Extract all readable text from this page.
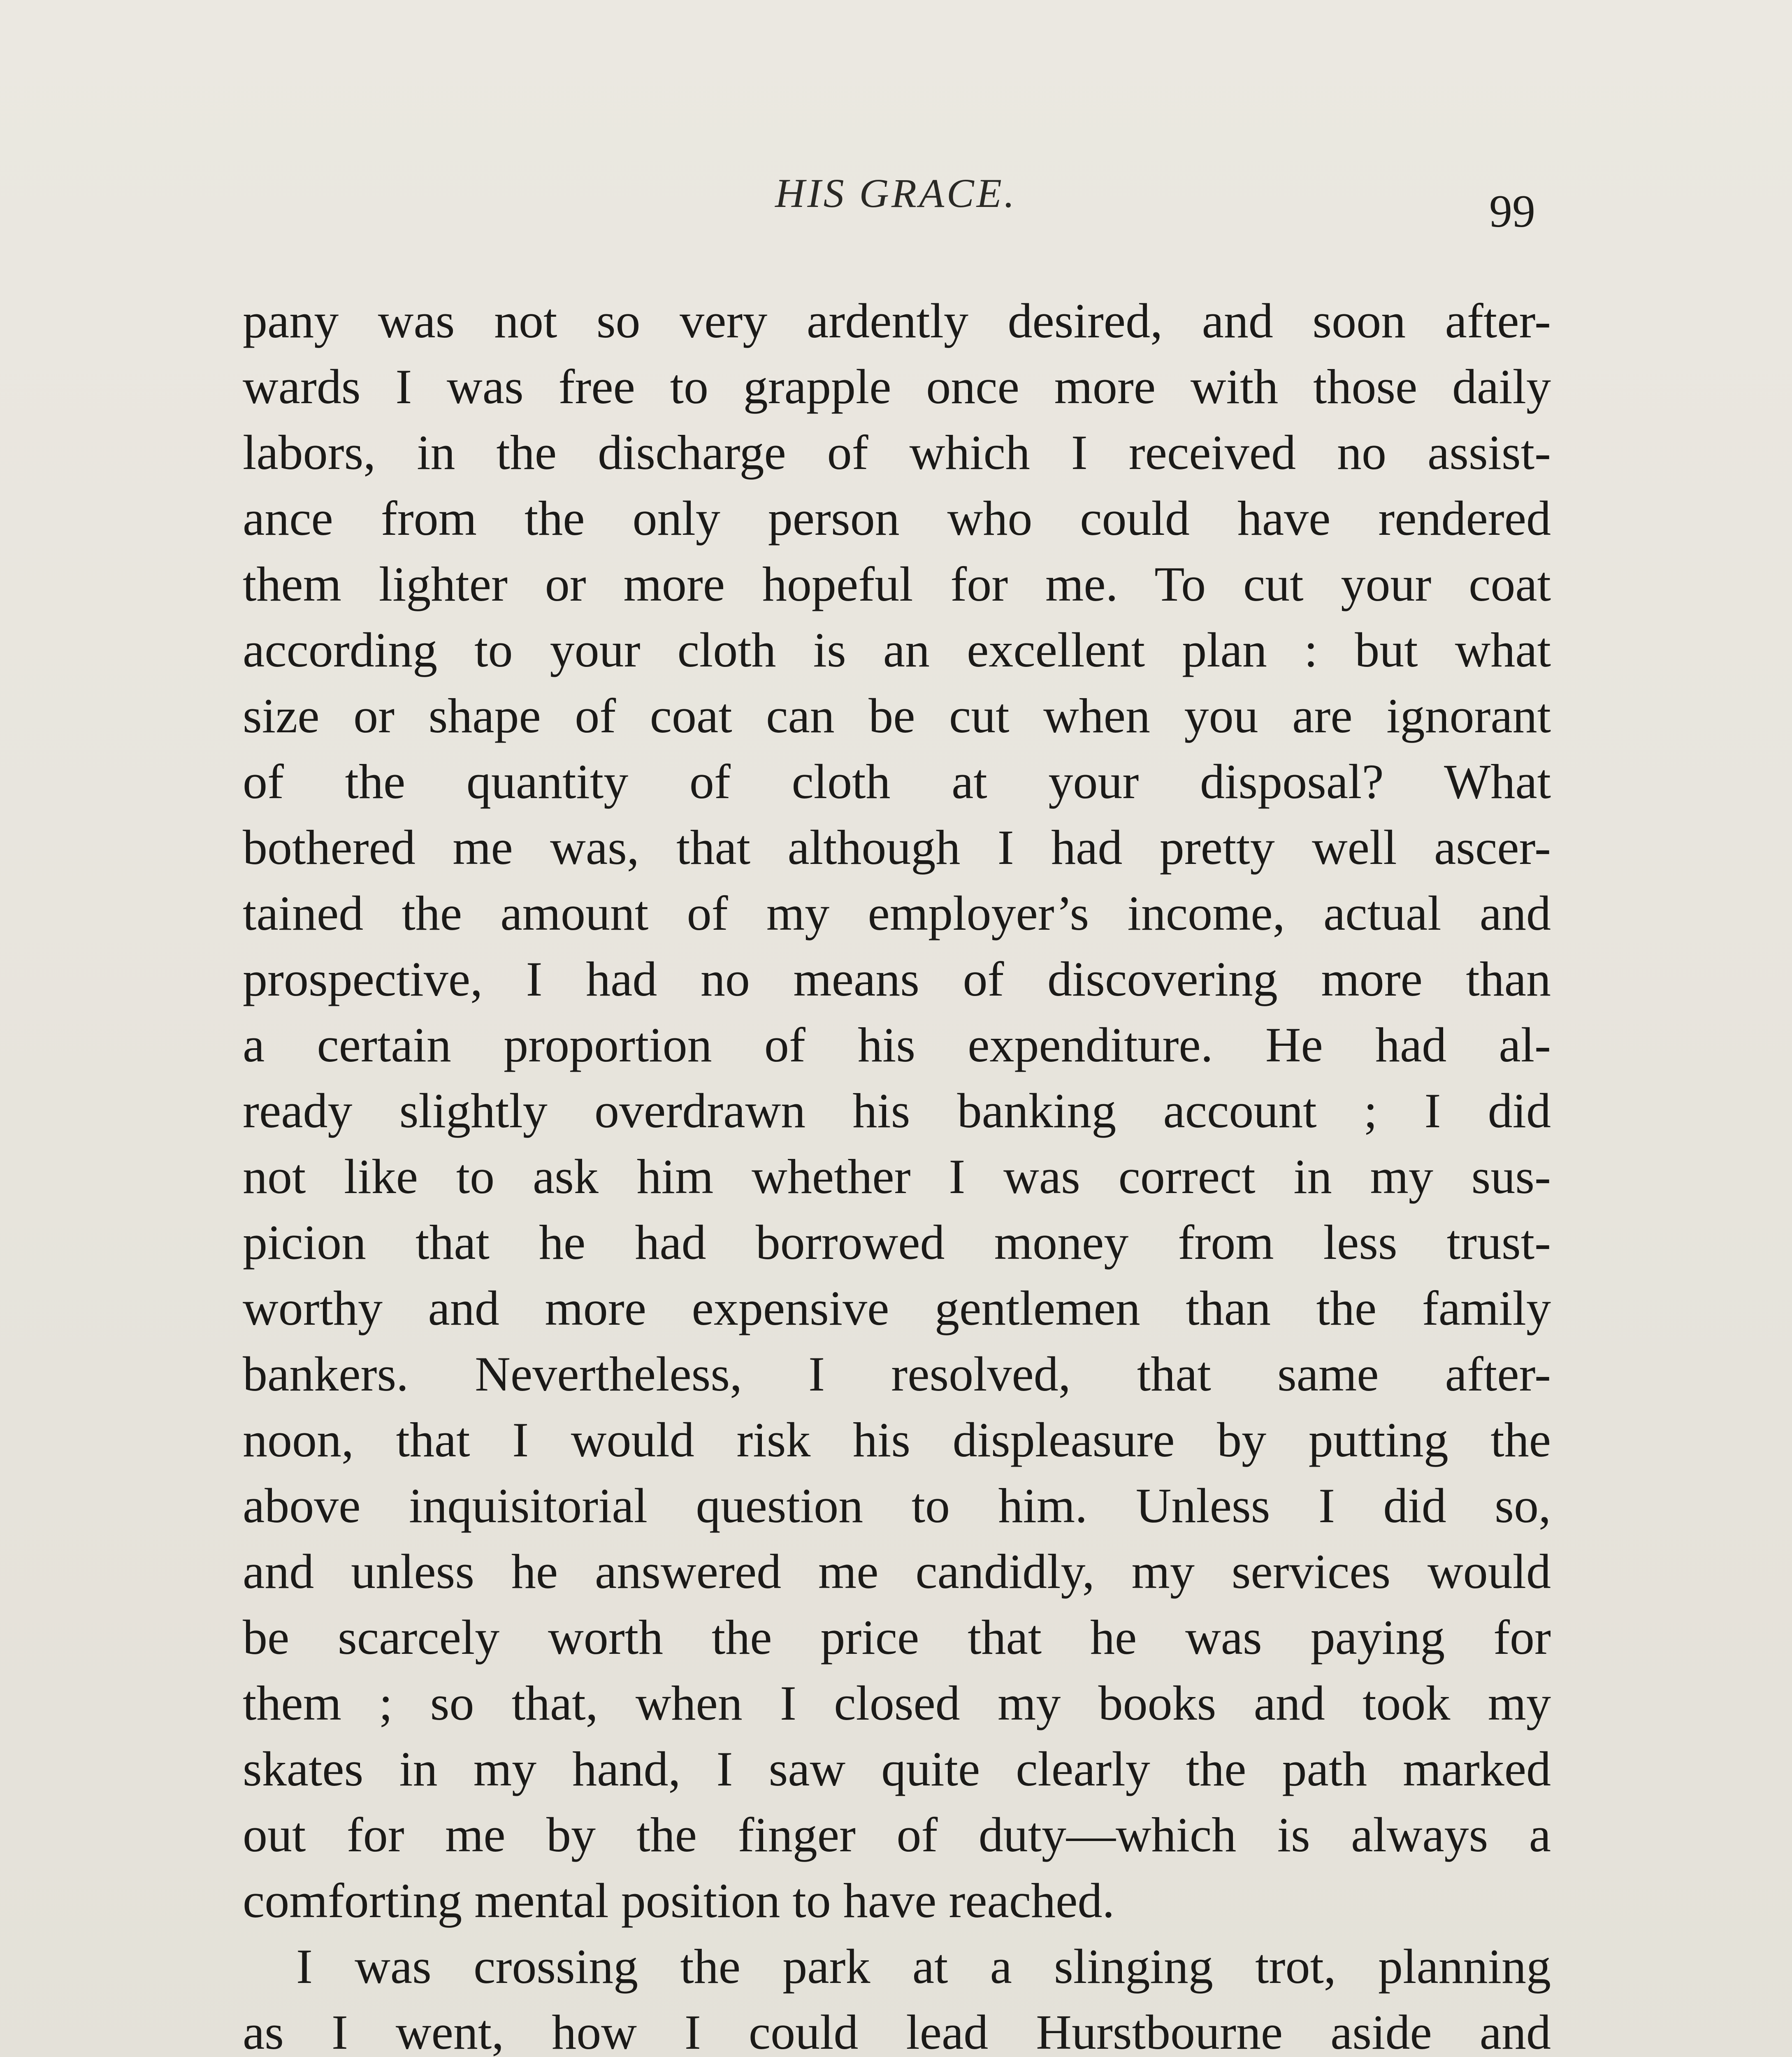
HIS GRACE.	99
pany was not so very ardently desired, and soon after-
wards I was free to grapple once more with those daily
labors, in the discharge of which I received no assist-
ance from the only person who could have rendered
them lighter or more hopeful for me. To cut your coat
according to your cloth is an excellent plan : but what
size or shape of coat can be cut when you are ignorant
of the quantity of cloth at your disposal? What
bothered me was, that although I had pretty well ascer-
tained the amount of my employer’s income, actual and
prospective, I had no means of discovering more than
a certain proportion of his expenditure. He had al-
ready slightly overdrawn his banking account ; I did
not like to ask him whether I was correct in my sus-
picion that he had borrowed money from less trust-
worthy and more expensive gentlemen than the family
bankers. Nevertheless, I resolved, that same after-
noon, that I would risk his displeasure by putting the
above inquisitorial question to him. Unless I did so,
and unless he answered me candidly, my services would
be scarcely worth the price that he was paying for
them ; so that, when I closed my books and took my
skates in my hand, I saw quite clearly the path marked
out for me by the finger of duty—which is always a
comforting mental position to have reached.
I was crossing the park at a slinging trot, planning
as I went, how I could lead Hurstbourne aside and
